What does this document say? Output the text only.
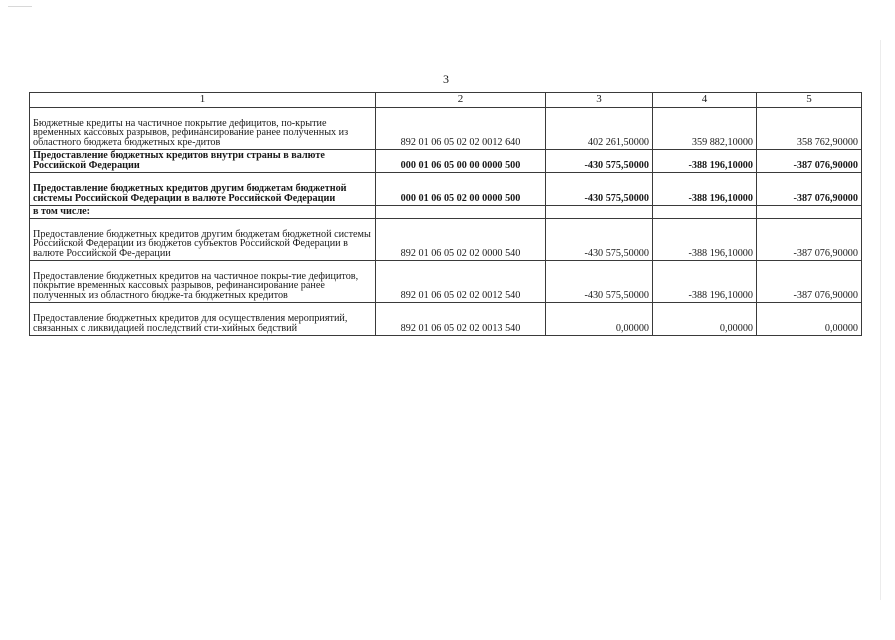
3
1	2	3	4	5
Бюджетные кредиты на частичное покрытие дефицитов, по-крытие временных кассовых разрывов, рефинансирование ранее полученных из областного бюджета бюджетных кре-дитов	892 01 06 05 02 02 0012 640	402 261,50000	359 882,10000	358 762,90000
Предоставление бюджетных кредитов внутри страны в валюте Российской Федерации	000 01 06 05 00 00 0000 500	-430 575,50000	-388 196,10000	-387 076,90000
Предоставление бюджетных кредитов другим бюджетам бюджетной системы Российской Федерации в валюте Российской Федерации	000 01 06 05 02 00 0000 500	-430 575,50000	-388 196,10000	-387 076,90000
в том числе:				
Предоставление бюджетных кредитов другим бюджетам бюджетной системы Российской Федерации из бюджетов субъектов Российской Федерации в валюте Российской Фе-дерации	892 01 06 05 02 02 0000 540	-430 575,50000	-388 196,10000	-387 076,90000
Предоставление бюджетных кредитов на частичное покры-тие дефицитов, покрытие временных кассовых разрывов, рефинансирование ранее полученных из областного бюдже-та бюджетных кредитов	892 01 06 05 02 02 0012 540	-430 575,50000	-388 196,10000	-387 076,90000
Предоставление бюджетных кредитов для осуществления мероприятий, связанных с ликвидацией последствий сти-хийных бедствий	892 01 06 05 02 02 0013 540	0,00000	0,00000	0,00000
